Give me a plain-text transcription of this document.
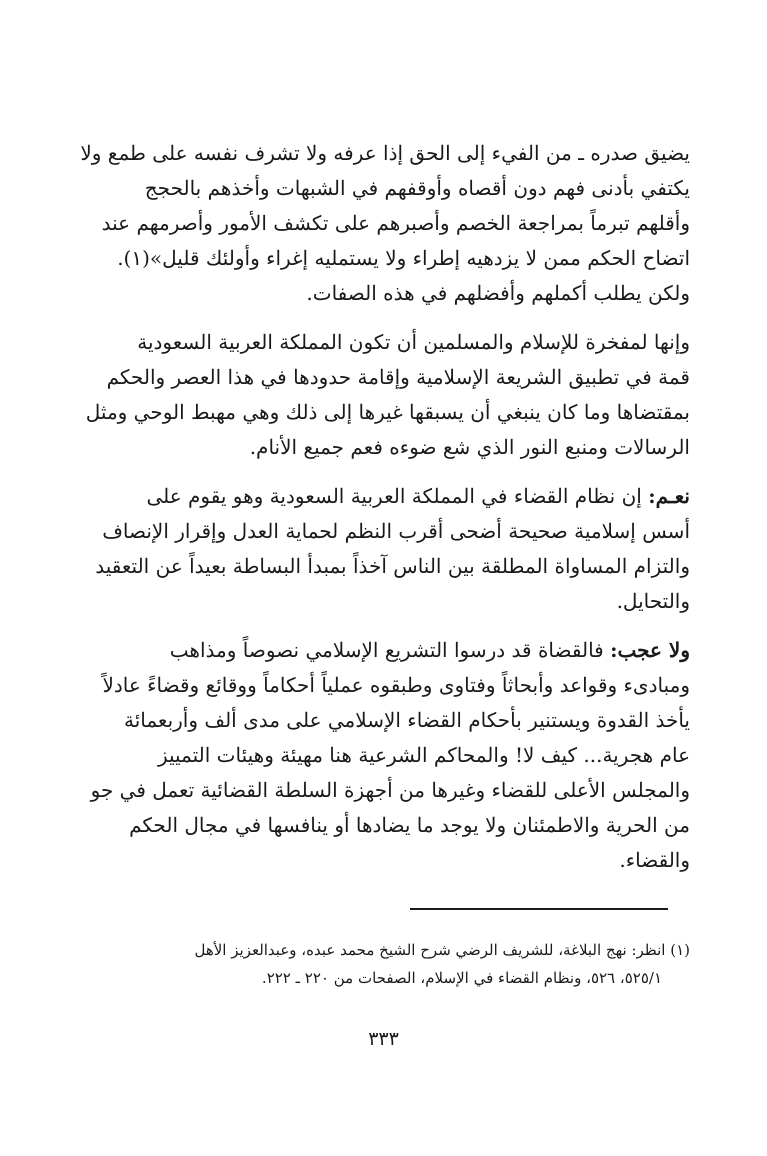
يضيق صدره ـ من الفيء إلى الحق إذا عرفه ولا تشرف نفسه على طمع ولا
يكتفي بأدنى فهم دون أقصاه وأوقفهم في الشبهات وأخذهم بالحجج
وأقلهم تبرماً بمراجعة الخصم وأصبرهم على تكشف الأمور وأصرمهم عند
اتضاح الحكم ممن لا يزدهيه إطراء ولا يستمليه إغراء وأولئك قليل»(١).
ولكن يطلب أكملهم وأفضلهم في هذه الصفات.
وإنها لمفخرة للإسلام والمسلمين أن تكون المملكة العربية السعودية
قمة في تطبيق الشريعة الإسلامية وإقامة حدودها في هذا العصر والحكم
بمقتضاها وما كان ينبغي أن يسبقها غيرها إلى ذلك وهي مهبط الوحي ومثل
الرسالات ومنبع النور الذي شع ضوءه فعم جميع الأنام.
نعـم: إن نظام القضاء في المملكة العربية السعودية وهو يقوم على
أسس إسلامية صحيحة أضحى أقرب النظم لحماية العدل وإقرار الإنصاف
والتزام المساواة المطلقة بين الناس آخذاً بمبدأ البساطة بعيداً عن التعقيد
والتحايل.
ولا عجب: فالقضاة قد درسوا التشريع الإسلامي نصوصاً ومذاهب
ومبادىء وقواعد وأبحاثاً وفتاوى وطبقوه عملياً أحكاماً ووقائع وقضاءً عادلاً
يأخذ القدوة ويستنير بأحكام القضاء الإسلامي على مدى ألف وأربعمائة
عام هجرية... كيف لا! والمحاكم الشرعية هنا مهيئة وهيئات التمييز
والمجلس الأعلى للقضاء وغيرها من أجهزة السلطة القضائية تعمل في جو
من الحرية والاطمئنان ولا يوجد ما يضادها أو ينافسها في مجال الحكم
والقضاء.
(١) انظر: نهج البلاغة، للشريف الرضي شرح الشيخ محمد عبده، وعبدالعزيز الأهل
٥٢٥/١، ٥٢٦، ونظام القضاء في الإسلام، الصفحات من ٢٢٠ ـ ٢٢٢.
٣٣٣
